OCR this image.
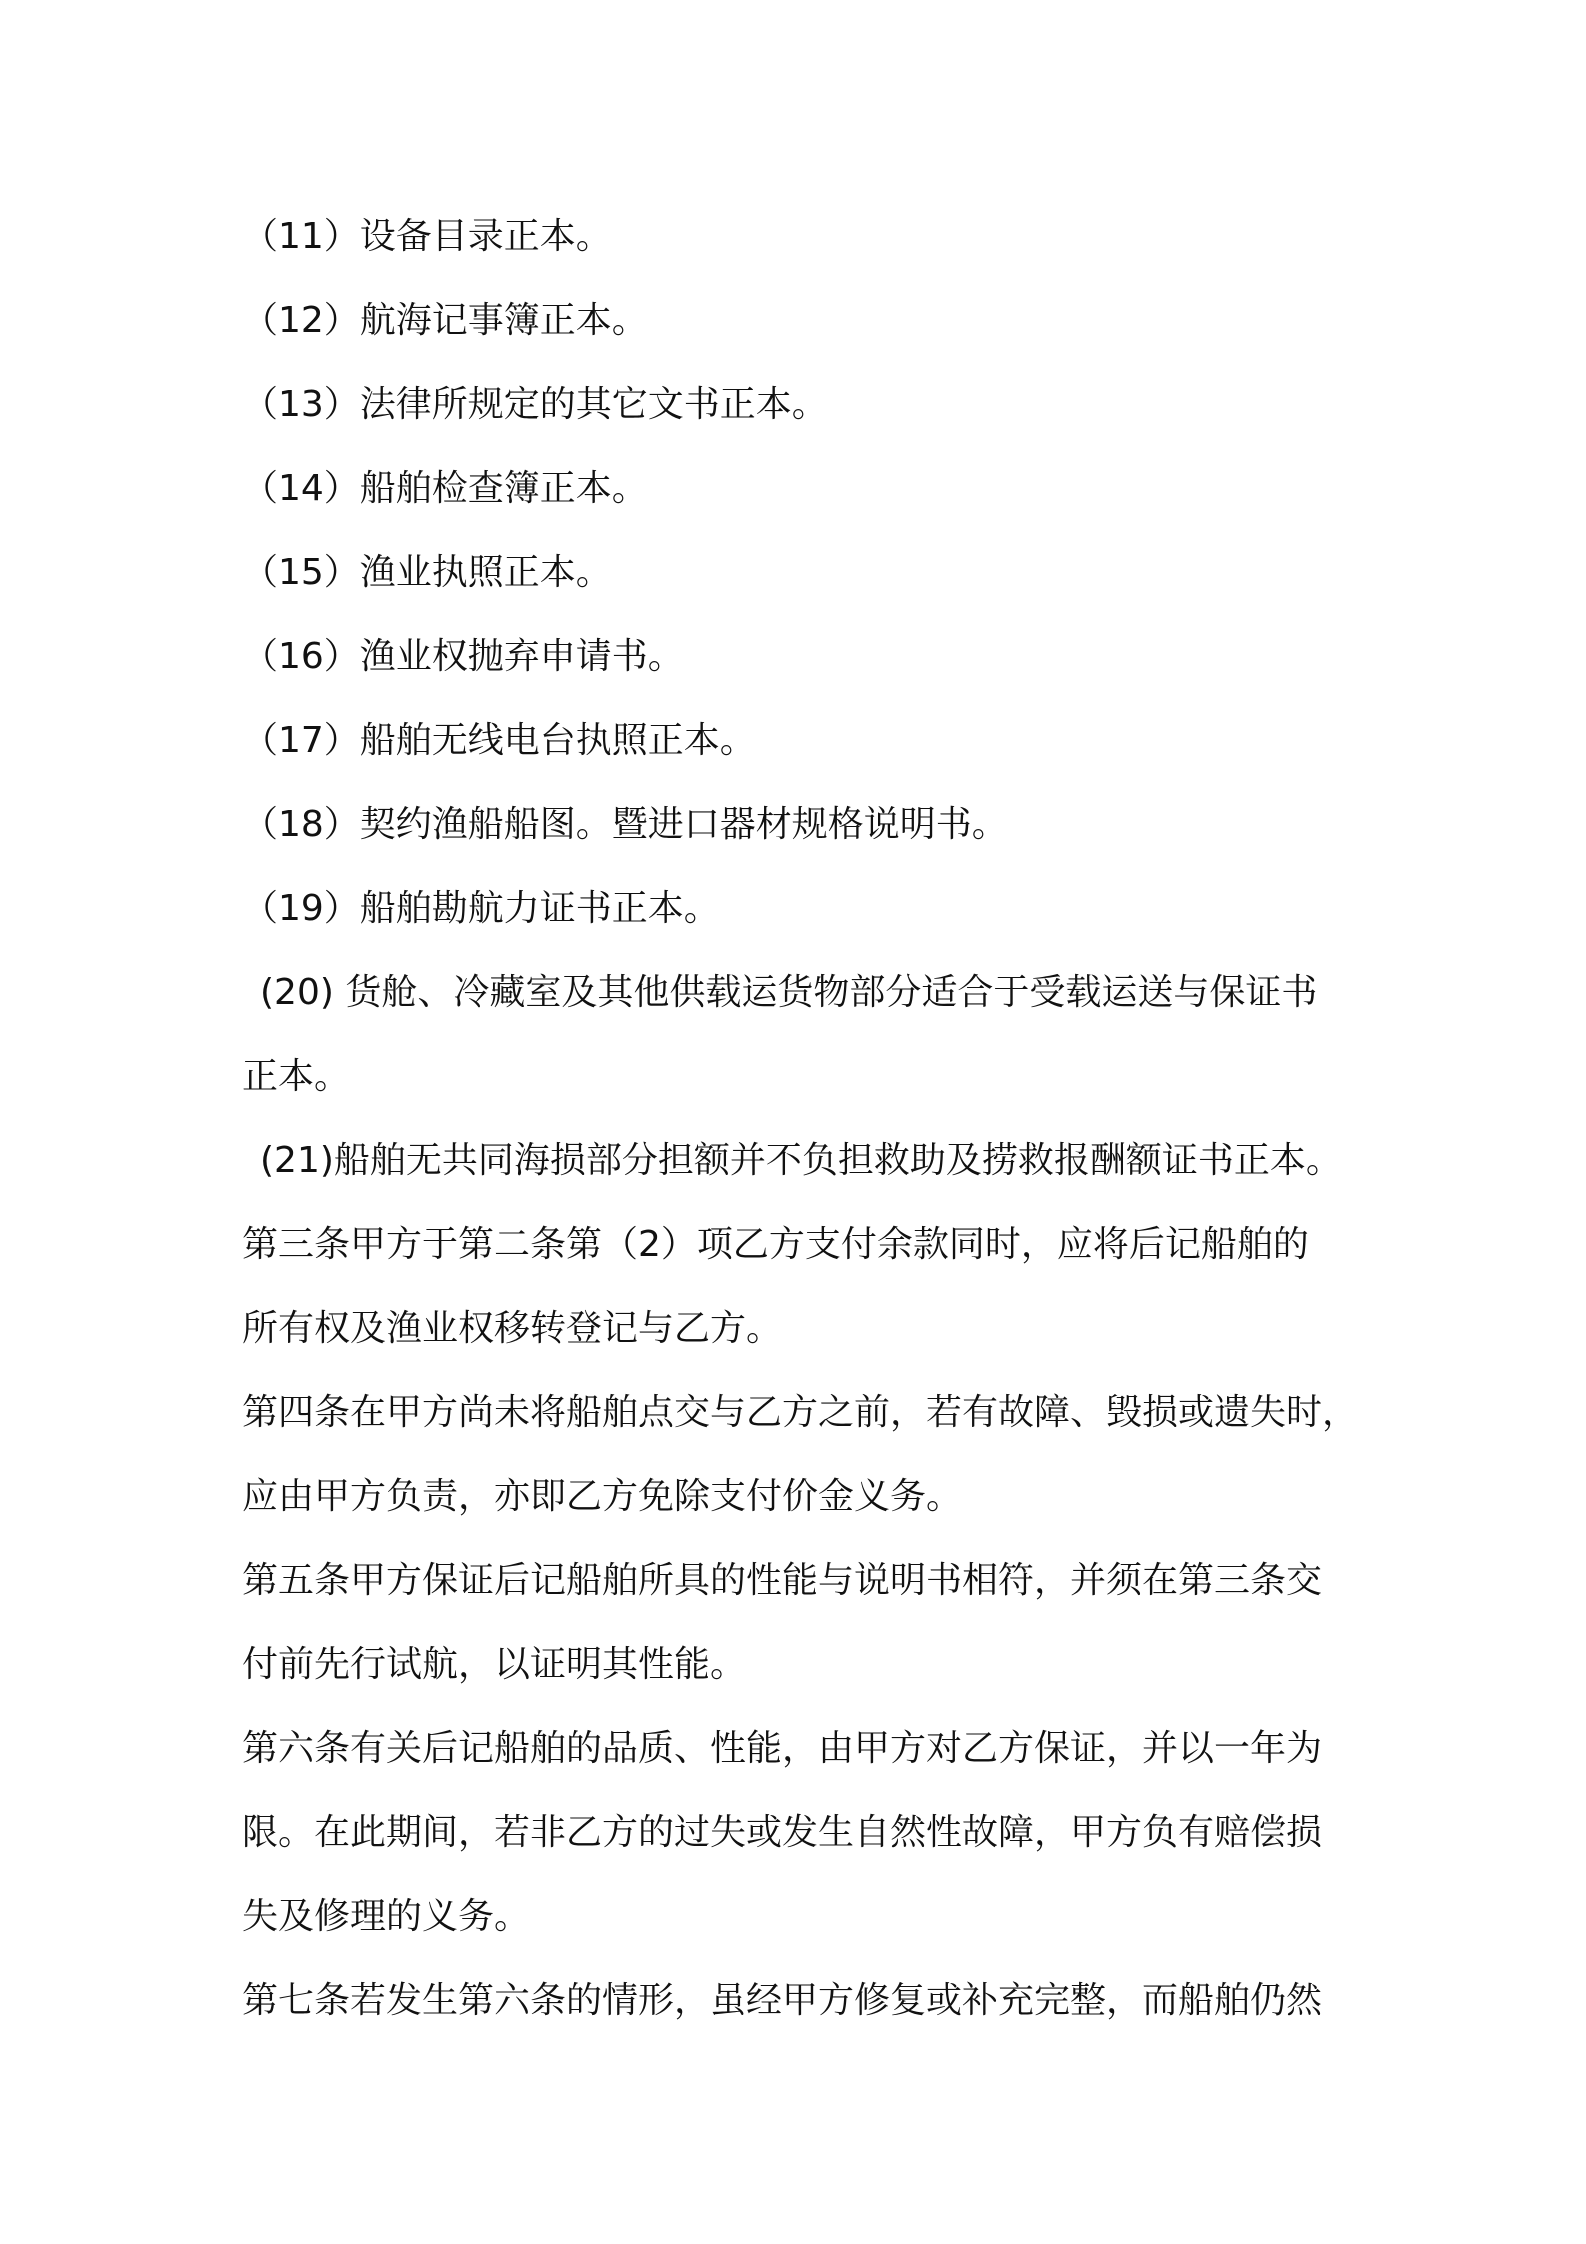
（11）设备目录正本。
（12）航海记事簿正本。
（13）法律所规定的其它文书正本。
（14）船舶检查簿正本。
（15）渔业执照正本。
（16）渔业权抛弃申请书。
（17）船舶无线电台执照正本。
（18）契约渔船船图。暨进口器材规格说明书。
（19）船舶勘航力证书正本。
(20) 货舱、冷藏室及其他供载运货物部分适合于受载运送与保证书
正本。
(21)船舶无共同海损部分担额并不负担救助及捞救报酬额证书正本。
第三条甲方于第二条第（2）项乙方支付余款同时，应将后记船舶的
所有权及渔业权移转登记与乙方。
第四条在甲方尚未将船舶点交与乙方之前，若有故障、毁损或遗失时，
应由甲方负责，亦即乙方免除支付价金义务。
第五条甲方保证后记船舶所具的性能与说明书相符，并须在第三条交
付前先行试航，以证明其性能。
第六条有关后记船舶的品质、性能，由甲方对乙方保证，并以一年为
限。在此期间，若非乙方的过失或发生自然性故障，甲方负有赔偿损
失及修理的义务。
第七条若发生第六条的情形，虽经甲方修复或补充完整，而船舶仍然
